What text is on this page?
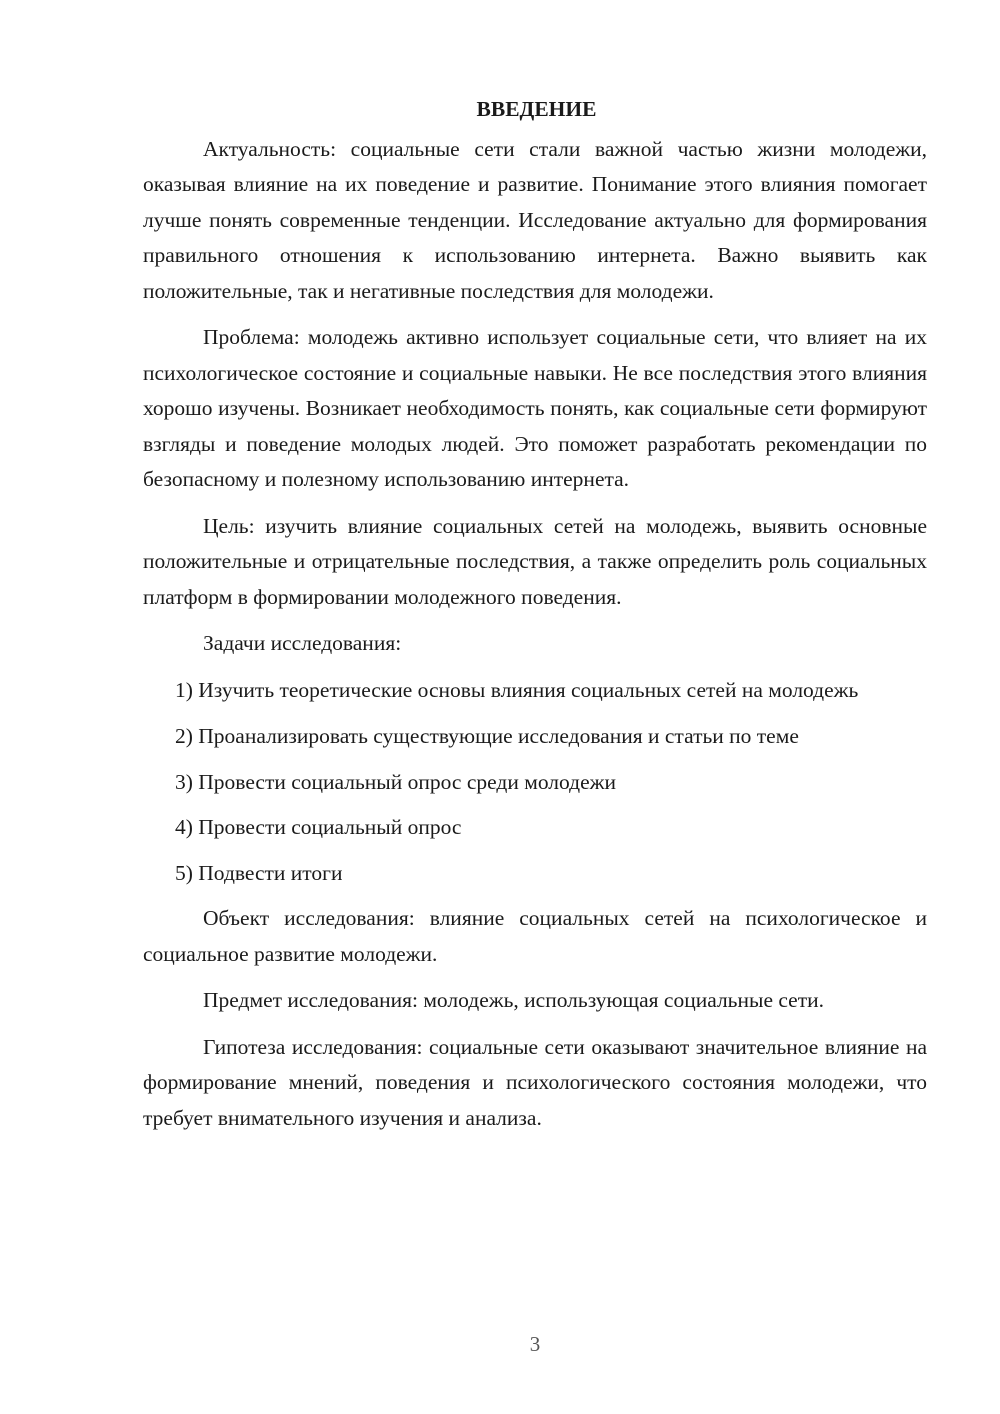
ВВЕДЕНИЕ

Актуальность: социальные сети стали важной частью жизни молодежи, оказывая влияние на их поведение и развитие. Понимание этого влияния помогает лучше понять современные тенденции. Исследование актуально для формирования правильного отношения к использованию интернета. Важно выявить как положительные, так и негативные последствия для молодежи.

Проблема: молодежь активно использует социальные сети, что влияет на их психологическое состояние и социальные навыки. Не все последствия этого влияния хорошо изучены. Возникает необходимость понять, как социальные сети формируют взгляды и поведение молодых людей. Это поможет разработать рекомендации по безопасному и полезному использованию интернета.

Цель: изучить влияние социальных сетей на молодежь, выявить основные положительные и отрицательные последствия, а также определить роль социальных платформ в формировании молодежного поведения.

Задачи исследования:

1) Изучить теоретические основы влияния социальных сетей на молодежь
2) Проанализировать существующие исследования и статьи по теме
3) Провести социальный опрос среди молодежи
4) Провести социальный опрос
5) Подвести итоги

Объект исследования: влияние социальных сетей на психологическое и социальное развитие молодежи.

Предмет исследования: молодежь, использующая социальные сети.

Гипотеза исследования: социальные сети оказывают значительное влияние на формирование мнений, поведения и психологического состояния молодежи, что требует внимательного изучения и анализа.

3
